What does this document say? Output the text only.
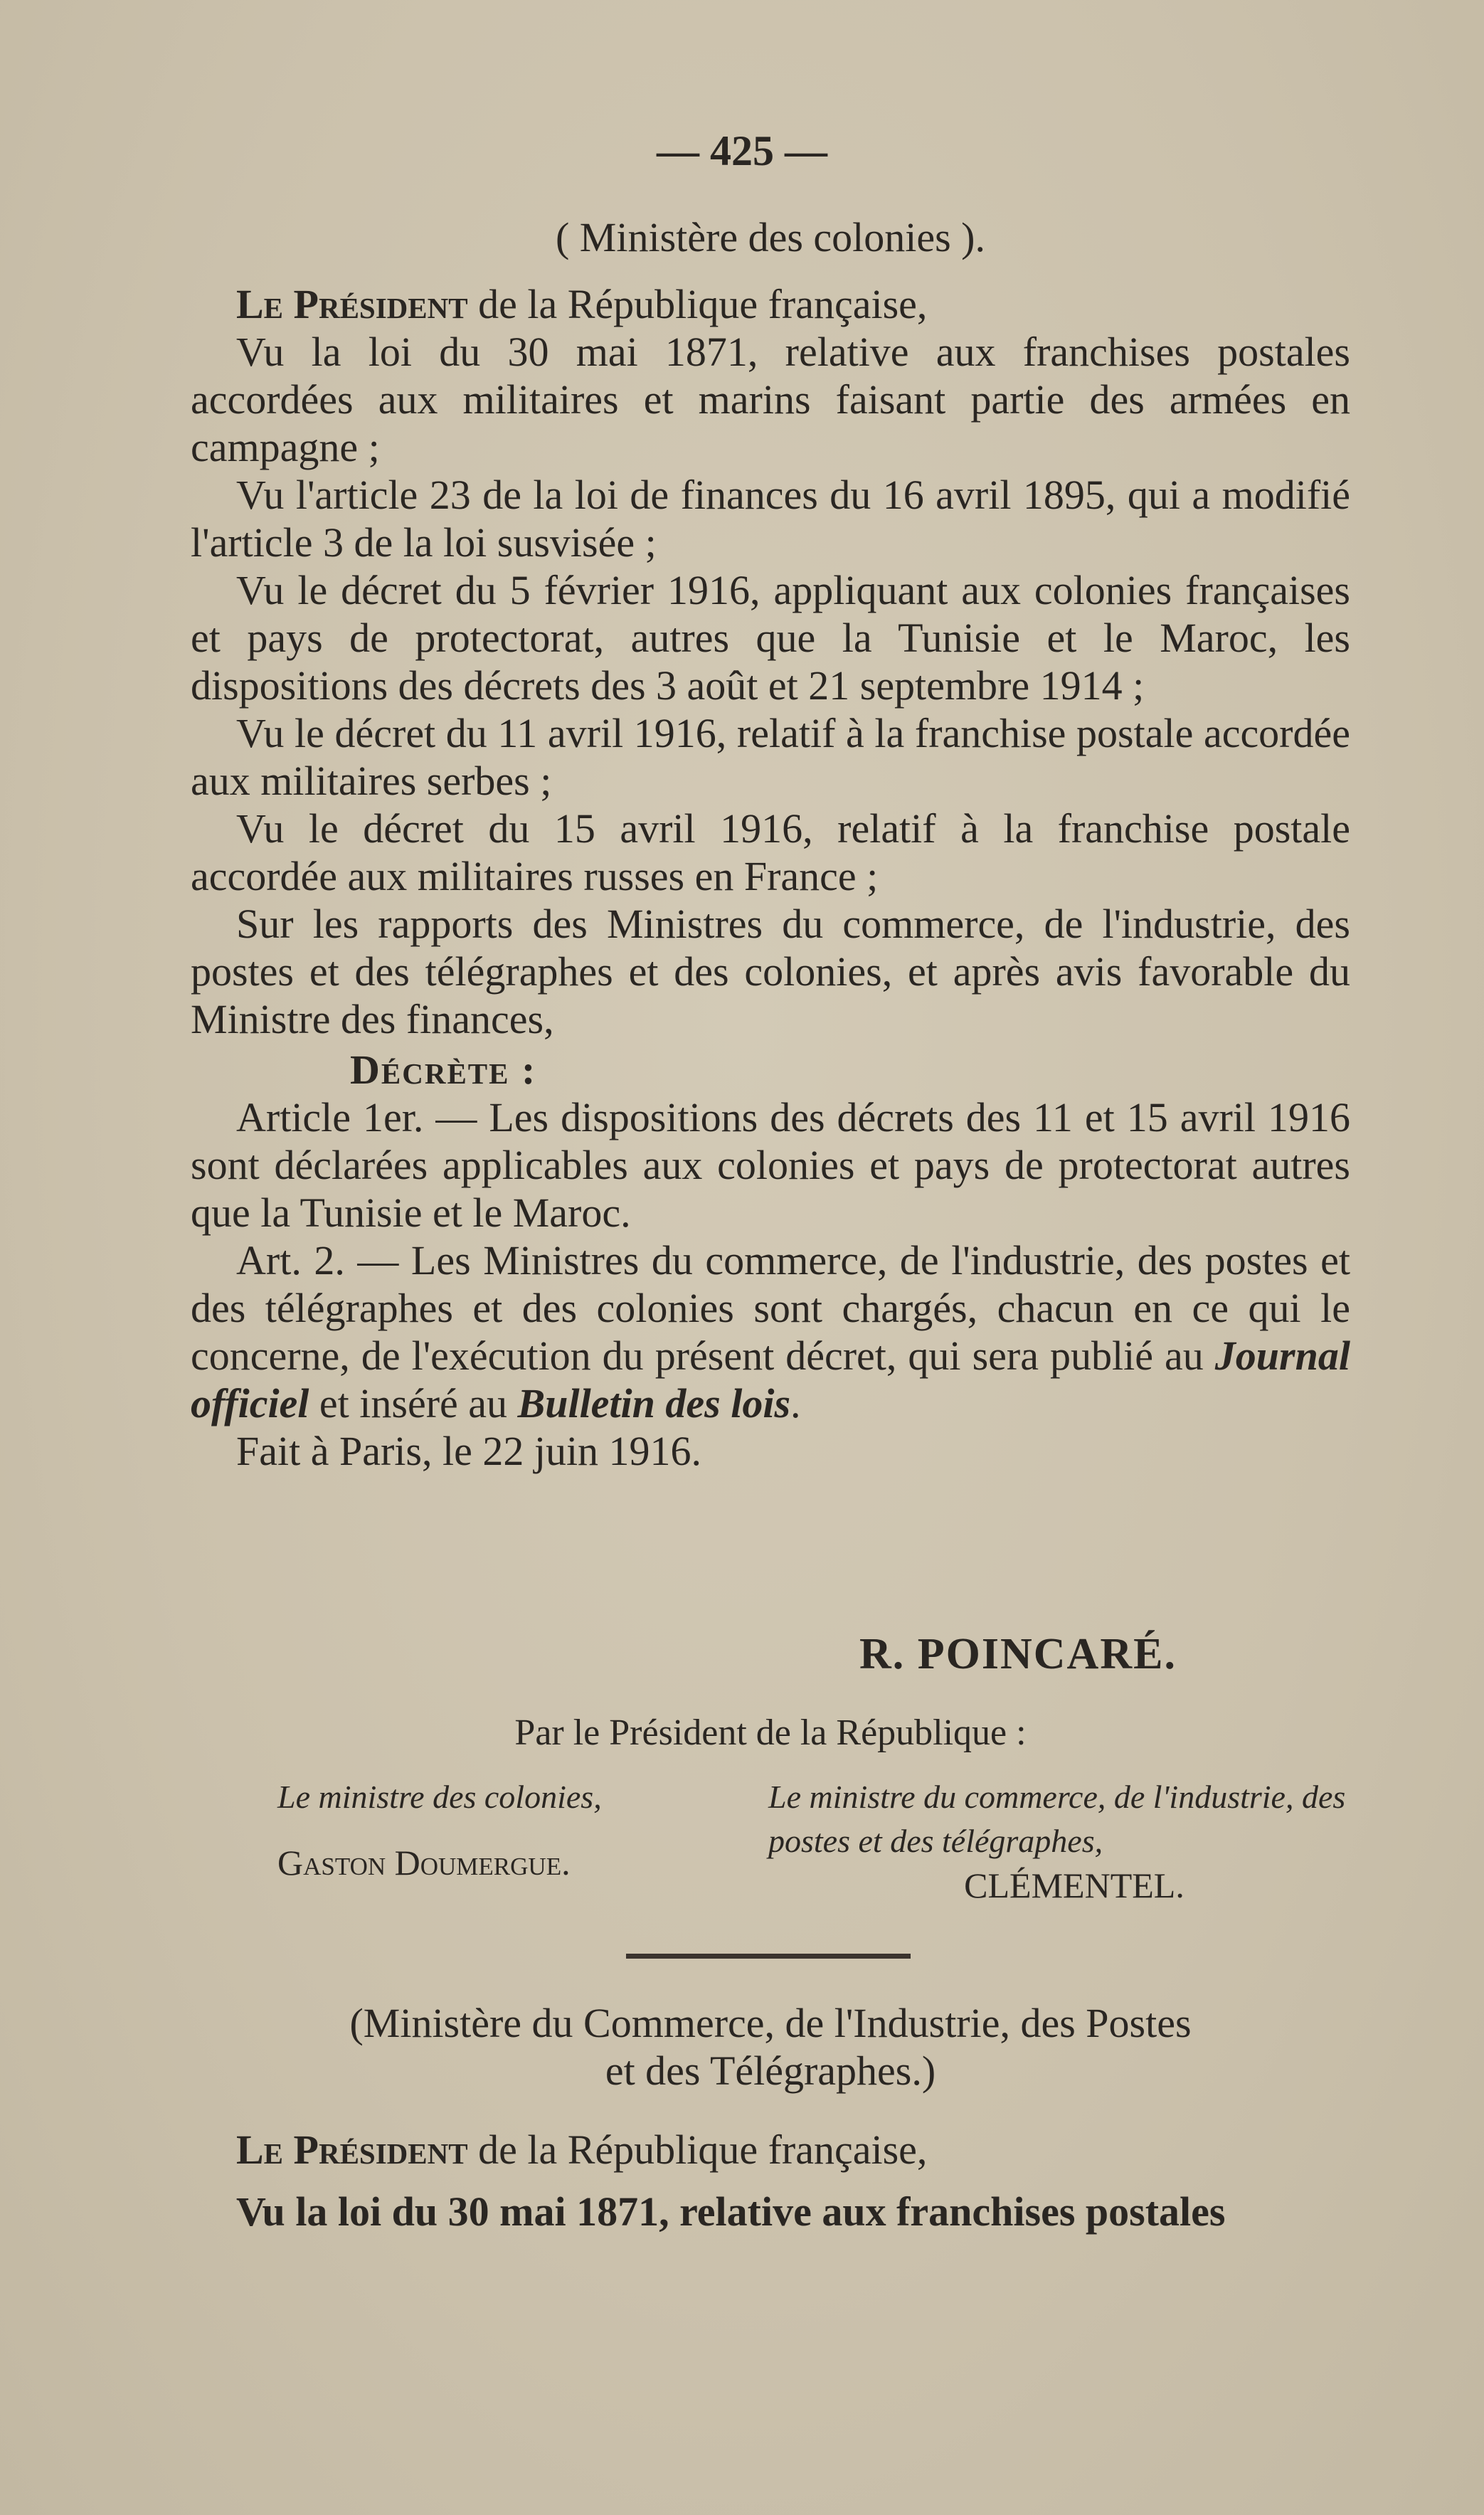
— 425 —
( Ministère des colonies ).

Le Président de la République française,

Vu la loi du 30 mai 1871, relative aux franchises postales accordées aux militaires et marins faisant partie des armées en campagne ;

Vu l'article 23 de la loi de finances du 16 avril 1895, qui a modifié l'article 3 de la loi susvisée ;

Vu le décret du 5 février 1916, appliquant aux colonies françaises et pays de protectorat, autres que la Tunisie et le Maroc, les dispositions des décrets des 3 août et 21 septembre 1914 ;

Vu le décret du 11 avril 1916, relatif à la franchise postale accordée aux militaires serbes ;

Vu le décret du 15 avril 1916, relatif à la franchise postale accordée aux militaires russes en France ;

Sur les rapports des Ministres du commerce, de l'industrie, des postes et des télégraphes et des colonies, et après avis favorable du Ministre des finances,

Décrète :

Article 1er. — Les dispositions des décrets des 11 et 15 avril 1916 sont déclarées applicables aux colonies et pays de protectorat autres que la Tunisie et le Maroc.

Art. 2. — Les Ministres du commerce, de l'industrie, des postes et des télégraphes et des colonies sont chargés, chacun en ce qui le concerne, de l'exécution du présent décret, qui sera publié au Journal officiel et inséré au Bulletin des lois.

Fait à Paris, le 22 juin 1916.

R. POINCARÉ.
Par le Président de la République :
Le ministre des colonies,
Gaston Doumergue.
Le ministre du commerce, de l'industrie, des postes et des télégraphes,
CLÉMENTEL.
(Ministère du Commerce, de l'Industrie, des Postes
et des Télégraphes.)

Le Président de la République française,

Vu la loi du 30 mai 1871, relative aux franchises postales
